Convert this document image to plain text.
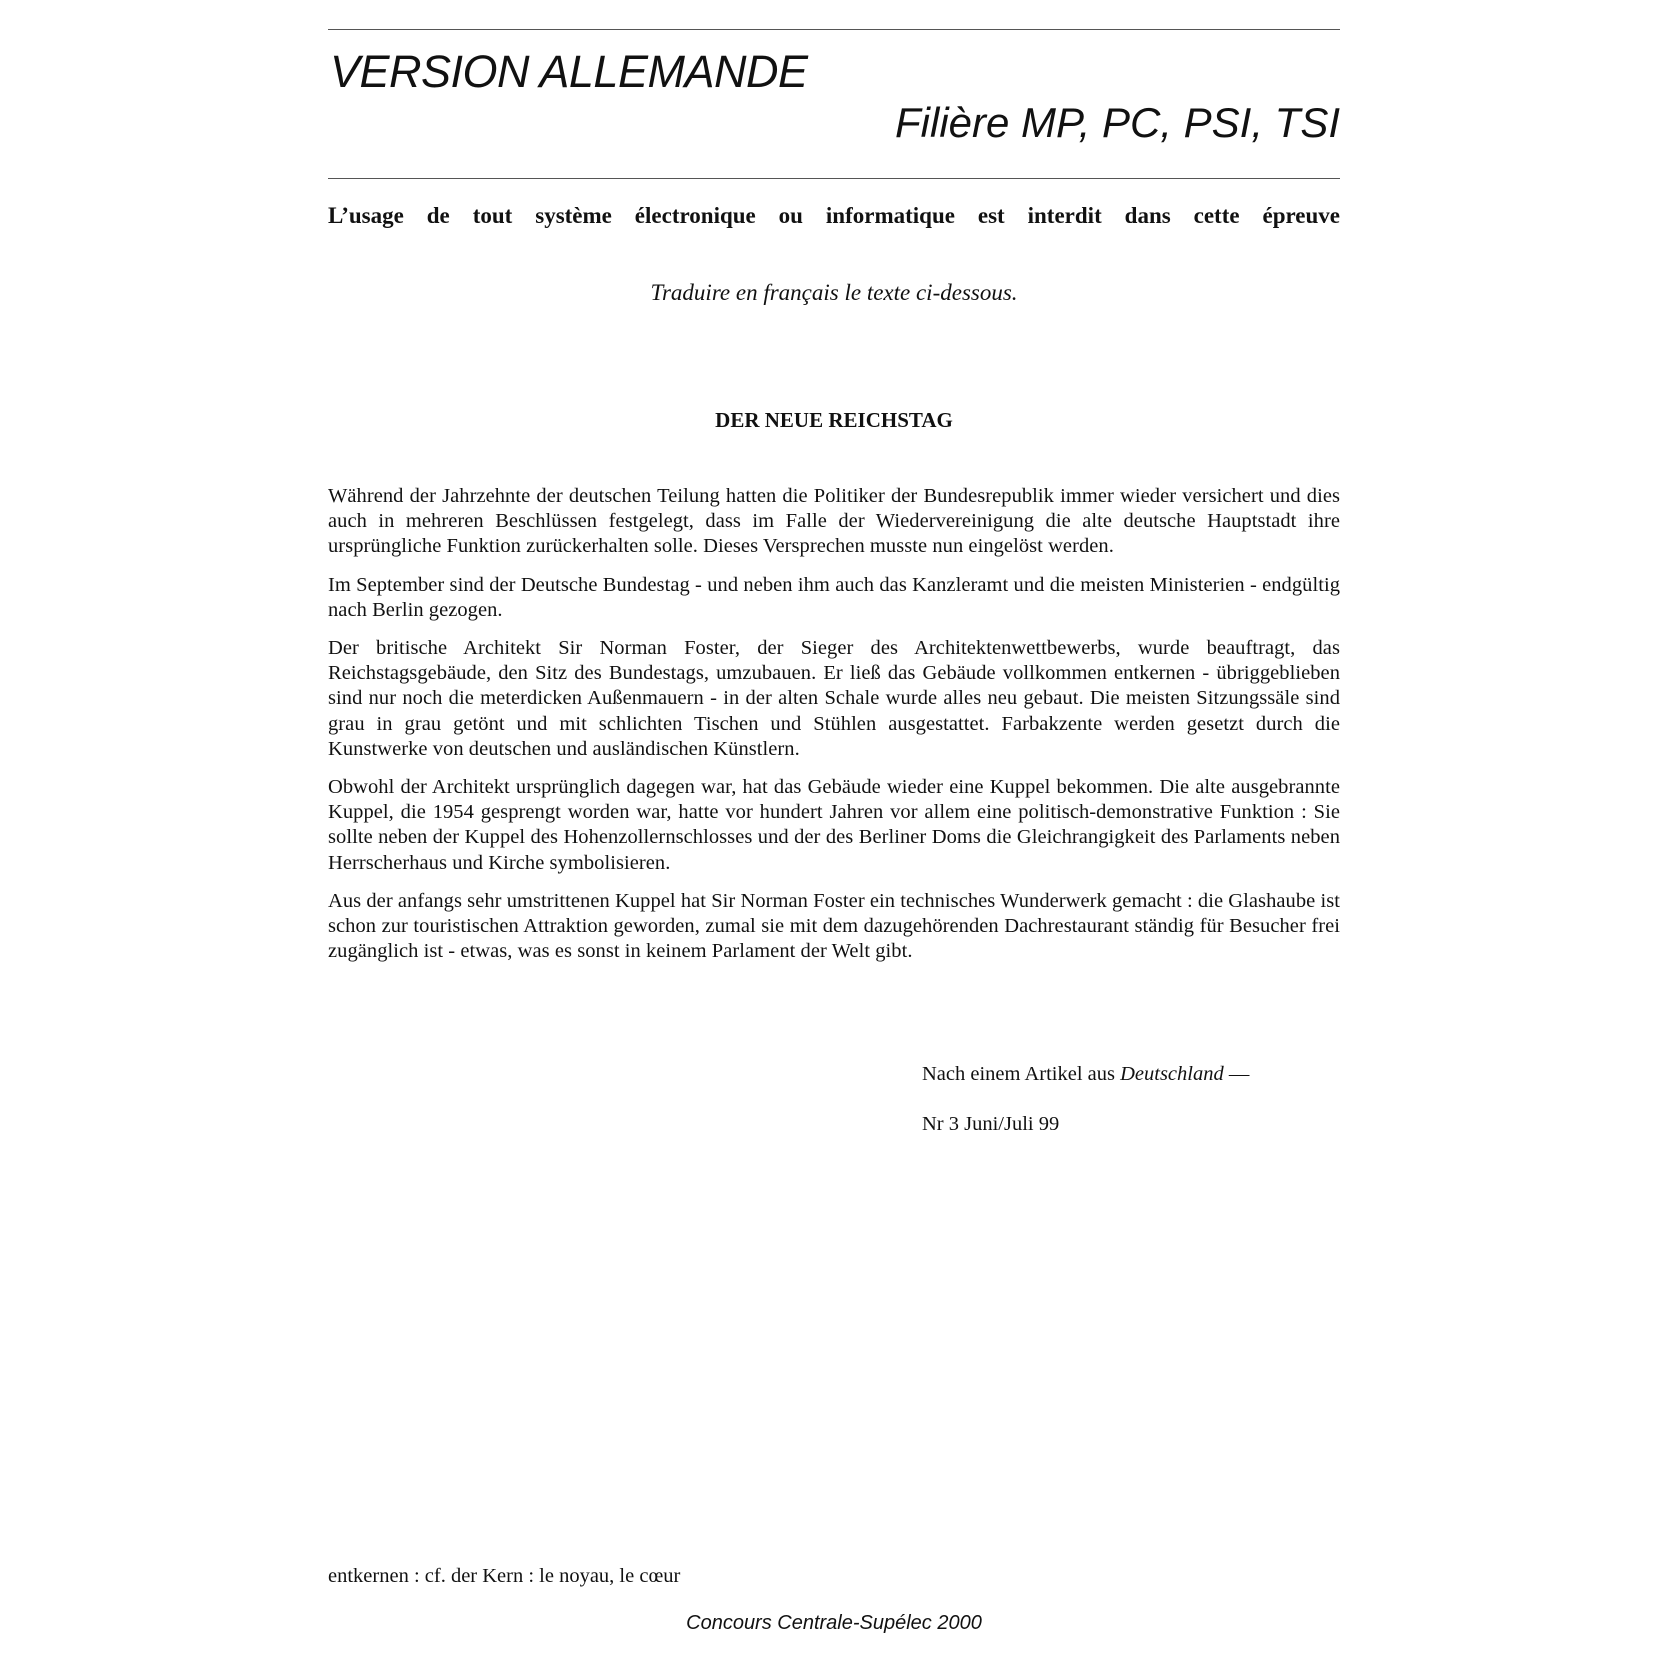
VERSION ALLEMANDE
Filière MP, PC, PSI, TSI
L’usage de tout système électronique ou informatique est interdit dans cette épreuve
Traduire en français le texte ci-dessous.
DER NEUE REICHSTAG

Während der Jahrzehnte der deutschen Teilung hatten die Politiker der Bundesrepublik immer wieder versichert und dies auch in mehreren Beschlüssen festgelegt, dass im Falle der Wiedervereinigung die alte deutsche Hauptstadt ihre ursprüngliche Funktion zurückerhalten solle. Dieses Versprechen musste nun eingelöst werden.

Im September sind der Deutsche Bundestag - und neben ihm auch das Kanzleramt und die meisten Ministerien - endgültig nach Berlin gezogen.

Der britische Architekt Sir Norman Foster, der Sieger des Architektenwettbewerbs, wurde beauftragt, das Reichstagsgebäude, den Sitz des Bundestags, umzubauen. Er ließ das Gebäude vollkommen entkernen - übriggeblieben sind nur noch die meterdicken Außenmauern - in der alten Schale wurde alles neu gebaut. Die meisten Sitzungssäle sind grau in grau getönt und mit schlichten Tischen und Stühlen ausgestattet. Farbakzente werden gesetzt durch die Kunstwerke von deutschen und ausländischen Künstlern.

Obwohl der Architekt ursprünglich dagegen war, hat das Gebäude wieder eine Kuppel bekommen. Die alte ausgebrannte Kuppel, die 1954 gesprengt worden war, hatte vor hundert Jahren vor allem eine politisch-demonstrative Funktion : Sie sollte neben der Kuppel des Hohenzollernschlosses und der des Berliner Doms die Gleichrangigkeit des Parlaments neben Herrscherhaus und Kirche symbolisieren.

Aus der anfangs sehr umstrittenen Kuppel hat Sir Norman Foster ein technisches Wunderwerk gemacht : die Glashaube ist schon zur touristischen Attraktion geworden, zumal sie mit dem dazugehörenden Dachrestaurant ständig für Besucher frei zugänglich ist - etwas, was es sonst in keinem Parlament der Welt gibt.

Nach einem Artikel aus Deutschland —
Nr 3 Juni/Juli 99
entkernen : cf. der Kern : le noyau, le cœur
Concours Centrale-Supélec 2000
